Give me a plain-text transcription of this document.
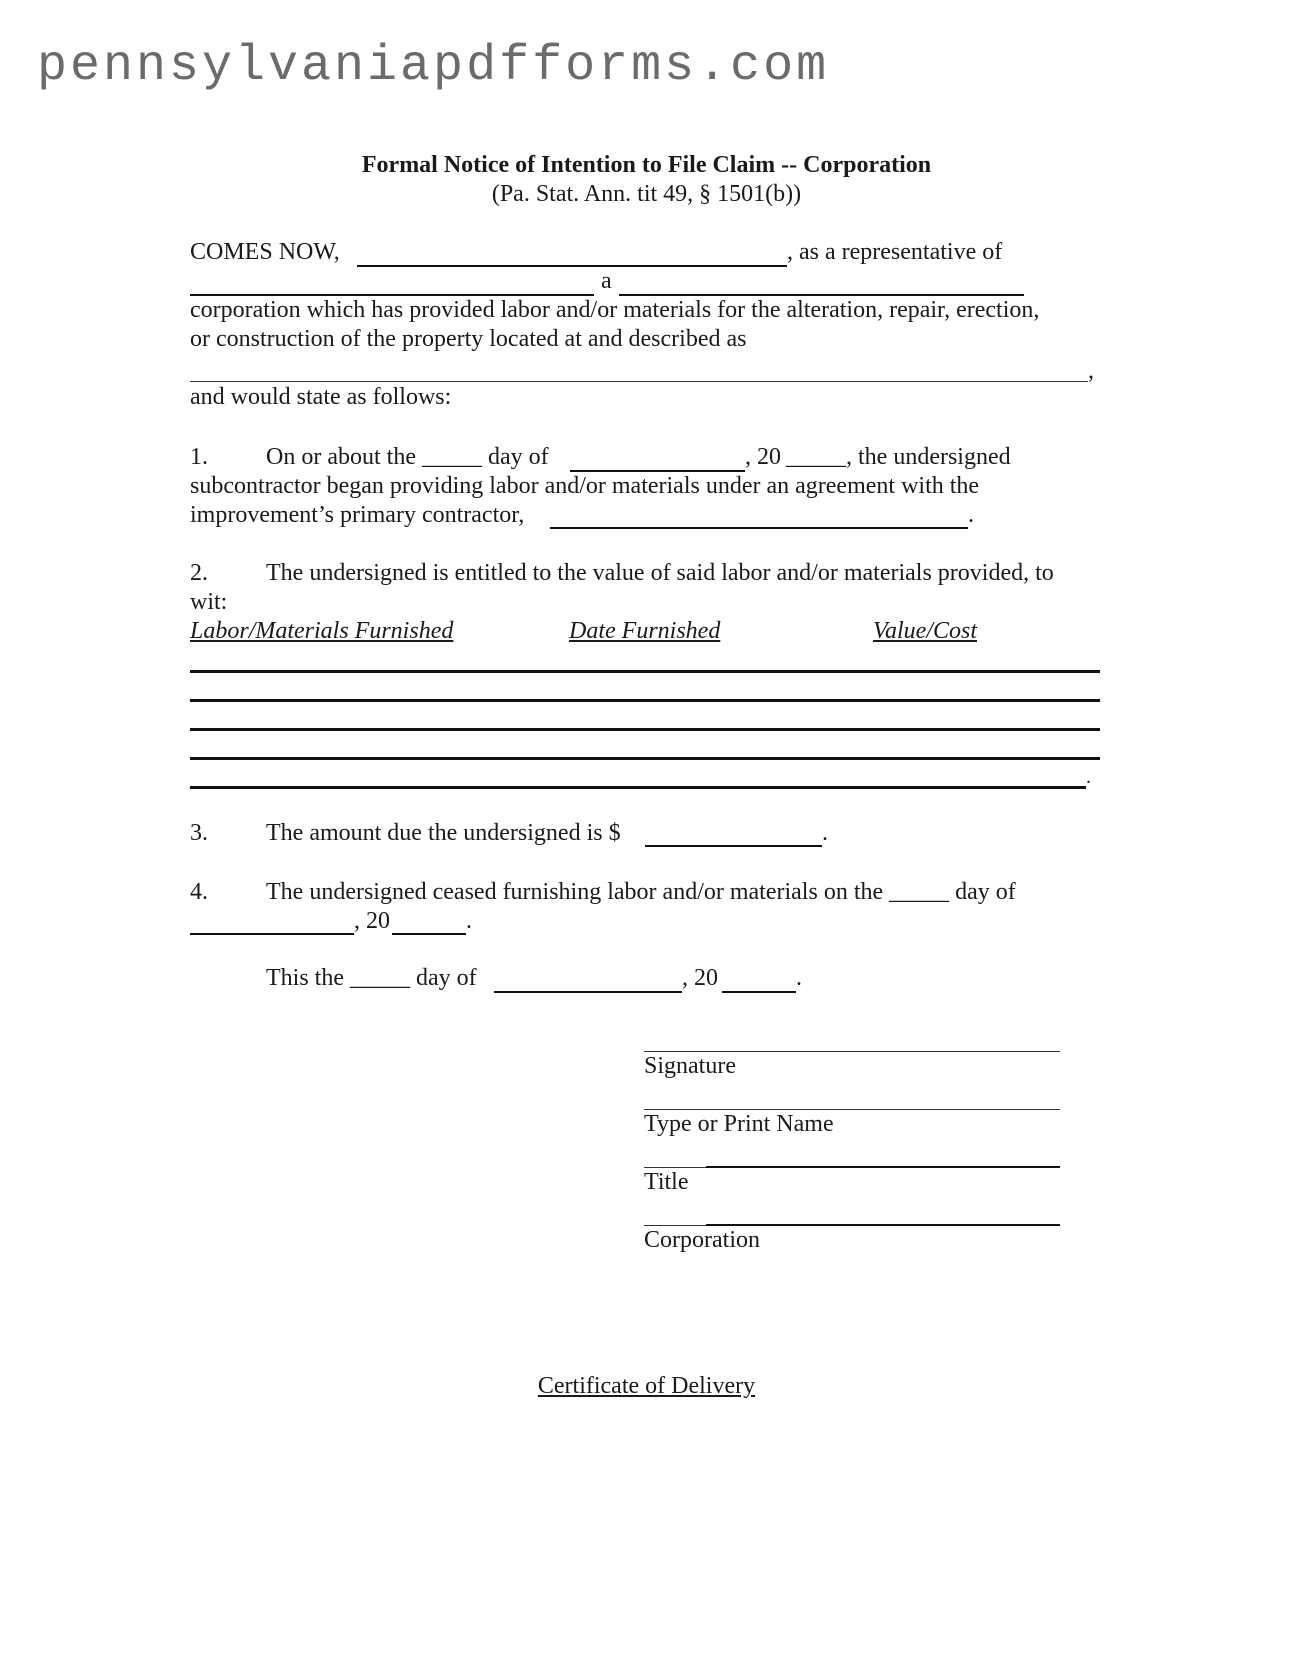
pennsylvaniapdfforms.com
Formal Notice of Intention to File Claim -- Corporation
(Pa. Stat. Ann. tit 49, § 1501(b))
COMES NOW,	, as a representative of
a
corporation which has provided labor and/or materials for the alteration, repair, erection,
or construction of the property located at and described as
,
and would state as follows:
1. On or about the _____ day of	, 20 _____, the undersigned
subcontractor began providing labor and/or materials under an agreement with the
improvement’s primary contractor,	.
2. The undersigned is entitled to the value of said labor and/or materials provided, to
wit:
Labor/Materials Furnished	Date Furnished	Value/Cost
.
3. The amount due the undersigned is $	.
4. The undersigned ceased furnishing labor and/or materials on the _____ day of
, 20	.
This the _____ day of	, 20	.
Signature
Type or Print Name
Title
Corporation
Certificate of Delivery
